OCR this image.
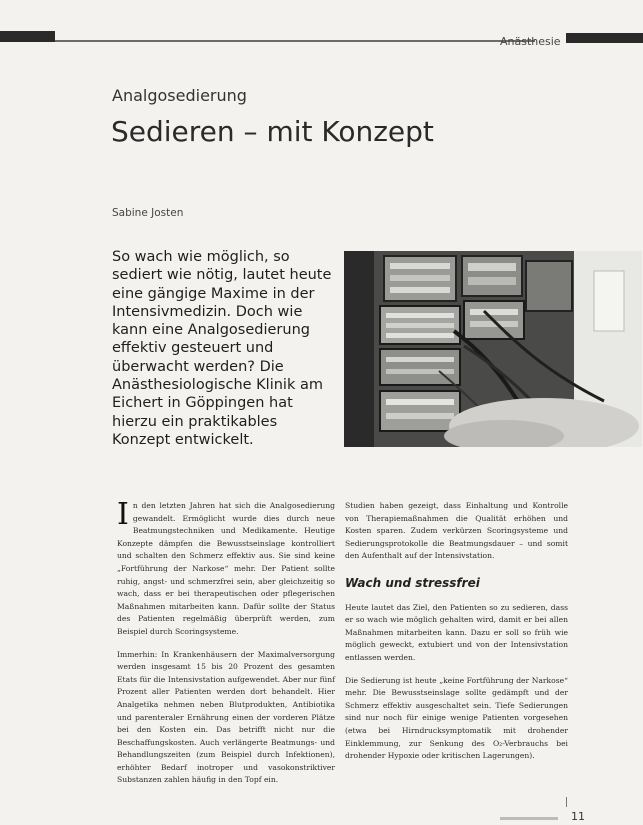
Anästhesie
Analgosedierung
Sedieren – mit Konzept
Sabine Josten

So wach wie möglich, so sediert wie nötig, lautet heute eine gängige Maxime in der Intensivmedizin. Doch wie kann eine Analgosedierung effektiv gesteuert und überwacht werden? Die Anästhesiologische Klinik am Eichert in Göppingen hat hierzu ein praktikables Konzept entwickelt.

In den letzten Jahren hat sich die Analgosedierung gewandelt. Ermöglicht wurde dies durch neue Beatmungstechniken und Medikamente. Heutige Konzepte dämpfen die Bewusstseinslage kontrolliert und schalten den Schmerz effektiv aus. Sie sind keine „Fortführung der Narkose“ mehr. Der Patient sollte ruhig, angst- und schmerzfrei sein, aber gleichzeitig so wach, dass er bei therapeutischen oder pflegerischen Maßnahmen mitarbeiten kann. Dafür sollte der Status des Patienten regelmäßig überprüft werden, zum Beispiel durch Scoringsysteme.

Immerhin: In Krankenhäusern der Maximalversorgung werden insgesamt 15 bis 20 Prozent des gesamten Etats für die Intensivstation aufgewendet. Aber nur fünf Prozent aller Patienten werden dort behandelt. Hier Analgetika nehmen neben Blutprodukten, Antibiotika und parenteraler Ernährung einen der vorderen Plätze bei den Kosten ein. Das betrifft nicht nur die Beschaffungskosten. Auch verlängerte Beatmungs- und Behandlungszeiten (zum Beispiel durch Infektionen), erhöhter Bedarf inotroper und vasokonstriktiver Substanzen zahlen häufig in den Topf ein.

Studien haben gezeigt, dass Einhaltung und Kontrolle von Therapiemaßnahmen die Qualität erhöhen und Kosten sparen. Zudem verkürzen Scoringsysteme und Sedierungsprotokolle die Beatmungsdauer – und somit den Aufenthalt auf der Intensivstation.

Wach und stressfrei

Heute lautet das Ziel, den Patienten so zu sedieren, dass er so wach wie möglich gehalten wird, damit er bei allen Maßnahmen mitarbeiten kann. Dazu er soll so früh wie möglich geweckt, extubiert und von der Intensivstation entlassen werden.

Die Sedierung ist heute „keine Fortführung der Narkose“ mehr. Die Bewusstseinslage sollte gedämpft und der Schmerz effektiv ausgeschaltet sein. Tiefe Sedierungen sind nur noch für einige wenige Patienten vorgesehen (etwa bei Hirndrucksymptomatik mit drohender Einklemmung, zur Senkung des O₂-Verbrauchs bei drohender Hypoxie oder kritischen Lagerungen).

11
